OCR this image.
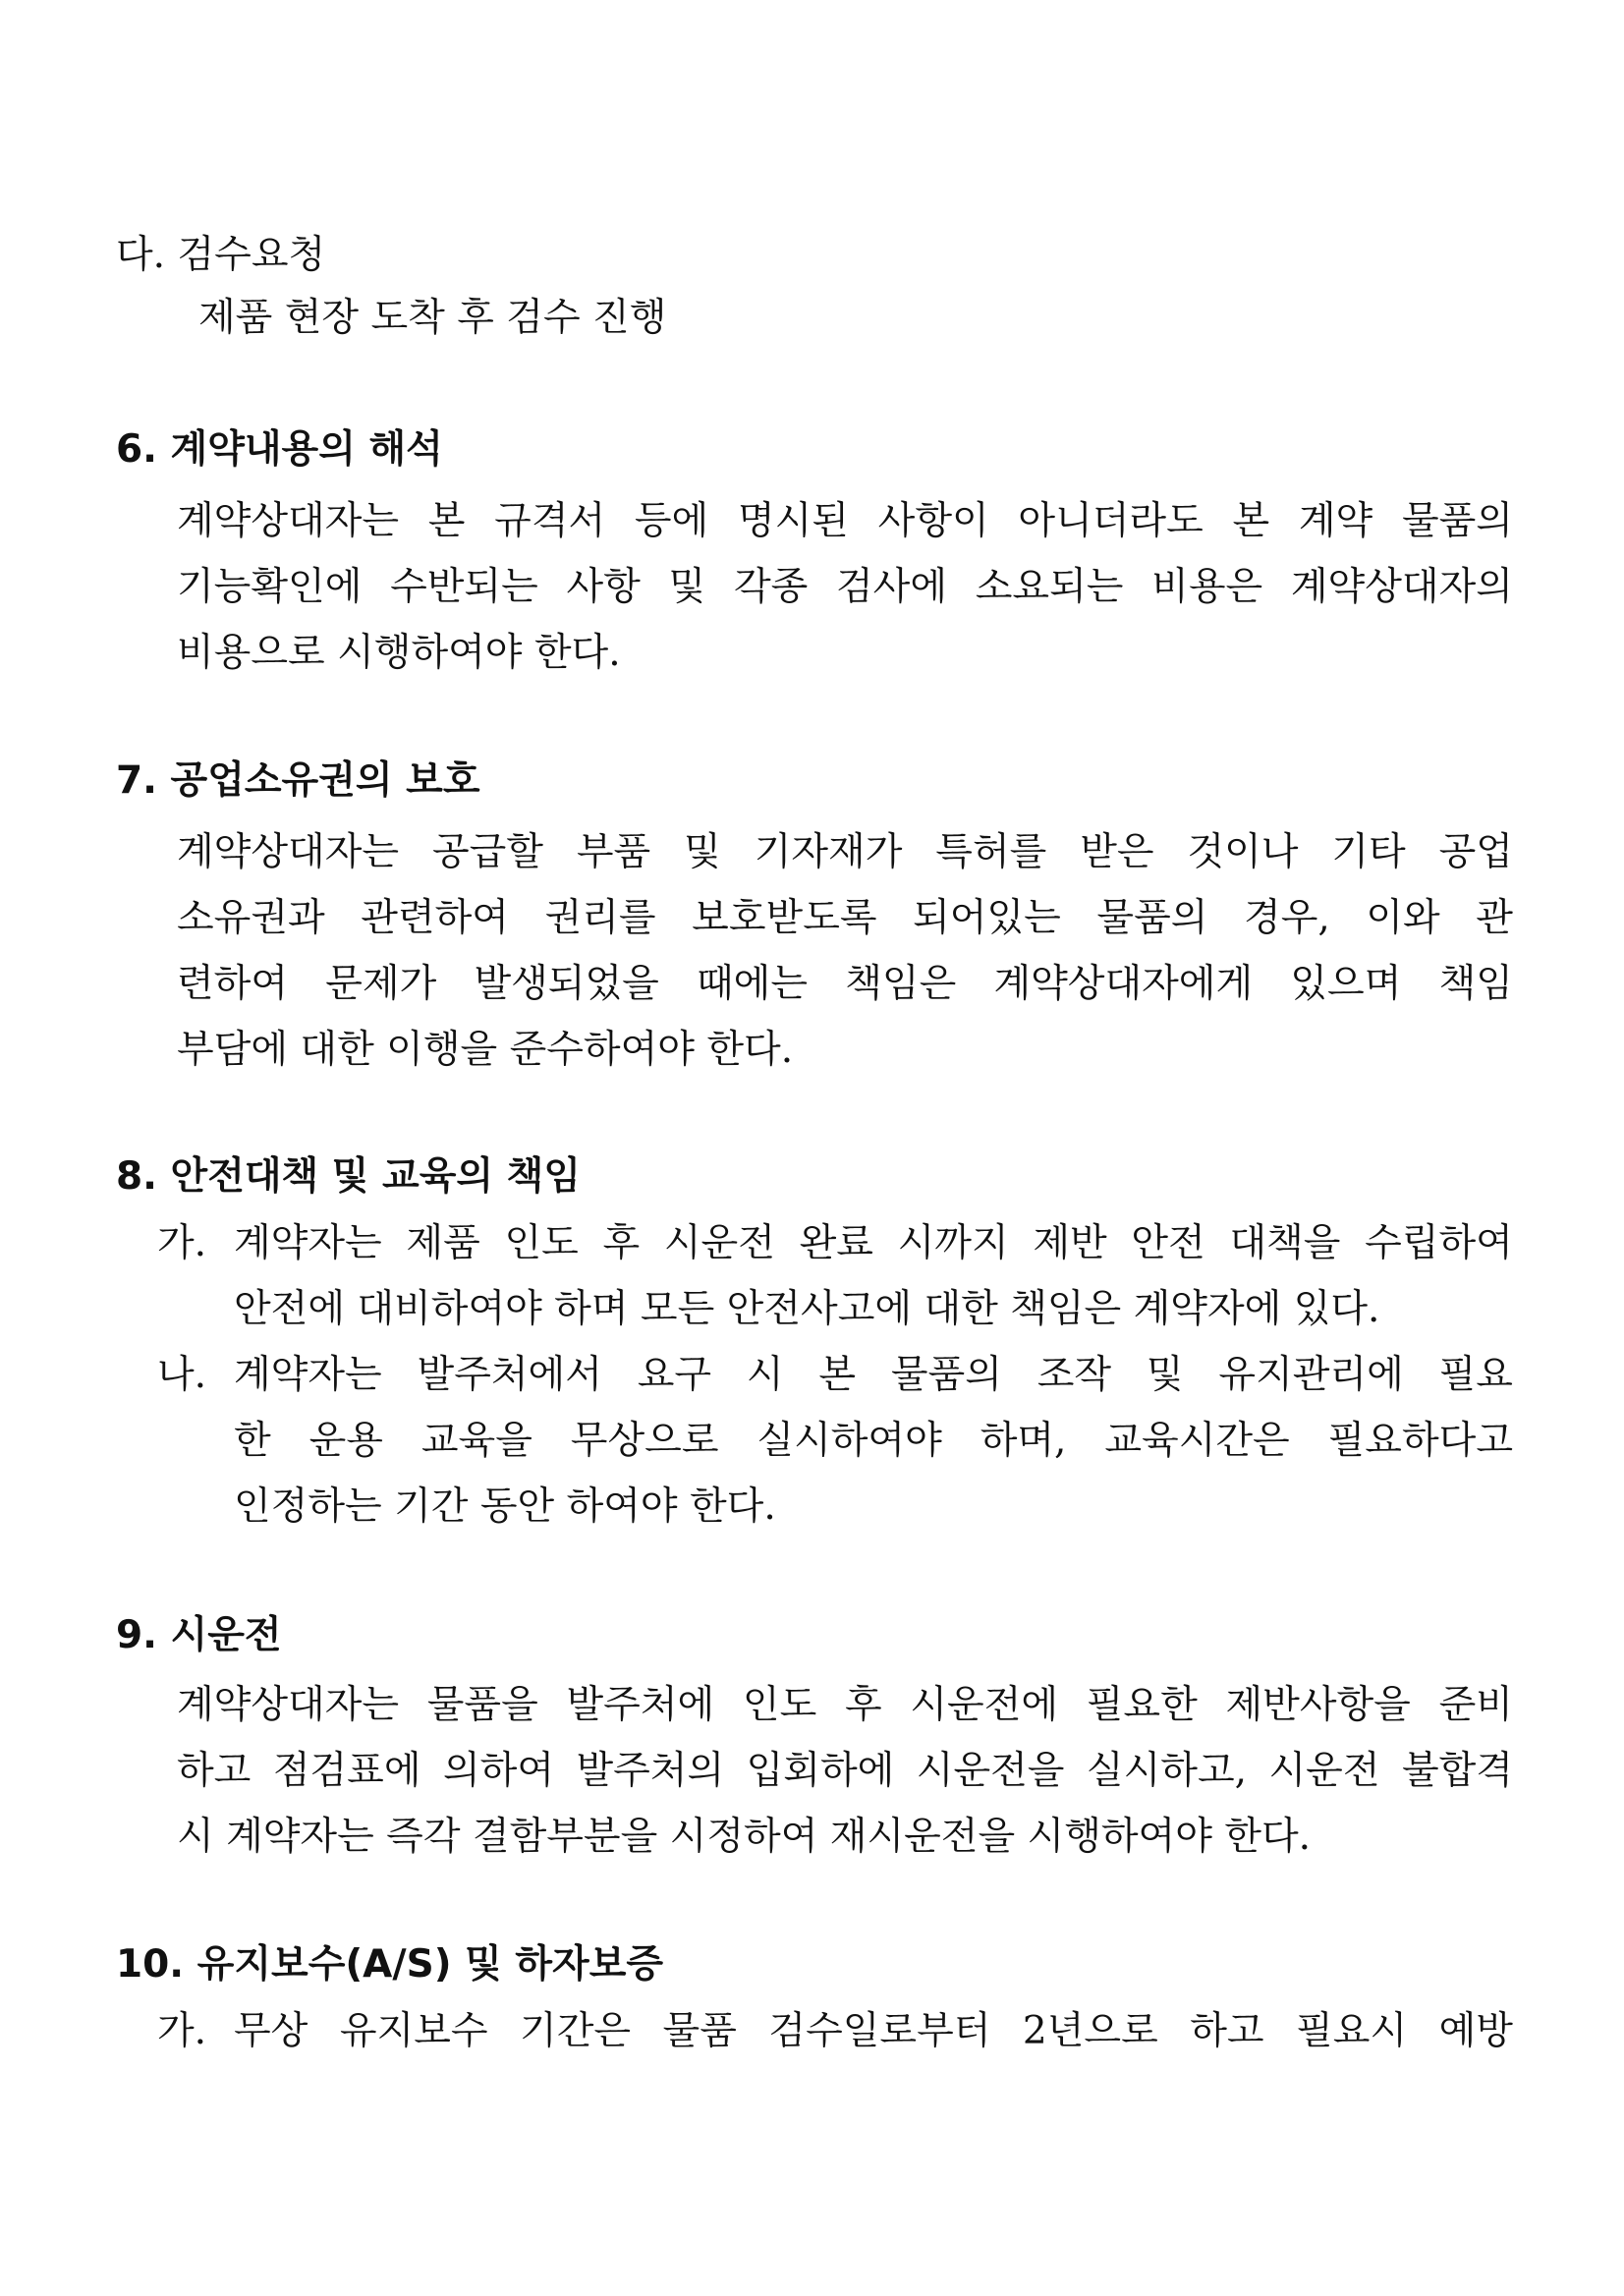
다. 검수요청
제품 현장 도착 후 검수 진행
6. 계약내용의 해석
계약상대자는 본 규격서 등에 명시된 사항이 아니더라도 본 계약 물품의
기능확인에 수반되는 사항 및 각종 검사에 소요되는 비용은 계약상대자의
비용으로 시행하여야 한다.
7. 공업소유권의 보호
계약상대자는 공급할 부품 및 기자재가 특허를 받은 것이나 기타 공업
소유권과 관련하여 권리를 보호받도록 되어있는 물품의 경우, 이와 관
련하여 문제가 발생되었을 때에는 책임은 계약상대자에게 있으며 책임
부담에 대한 이행을 준수하여야 한다.
8. 안전대책 및 교육의 책임
가. 계약자는 제품 인도 후 시운전 완료 시까지 제반 안전 대책을 수립하여
안전에 대비하여야 하며 모든 안전사고에 대한 책임은 계약자에 있다.
나. 계약자는 발주처에서 요구 시 본 물품의 조작 및 유지관리에 필요
한 운용 교육을 무상으로 실시하여야 하며, 교육시간은 필요하다고
인정하는 기간 동안 하여야 한다.
9. 시운전
계약상대자는 물품을 발주처에 인도 후 시운전에 필요한 제반사항을 준비
하고 점검표에 의하여 발주처의 입회하에 시운전을 실시하고, 시운전 불합격
시 계약자는 즉각 결함부분을 시정하여 재시운전을 시행하여야 한다.
10. 유지보수(A/S) 및 하자보증
가. 무상 유지보수 기간은 물품 검수일로부터 2년으로 하고 필요시 예방
